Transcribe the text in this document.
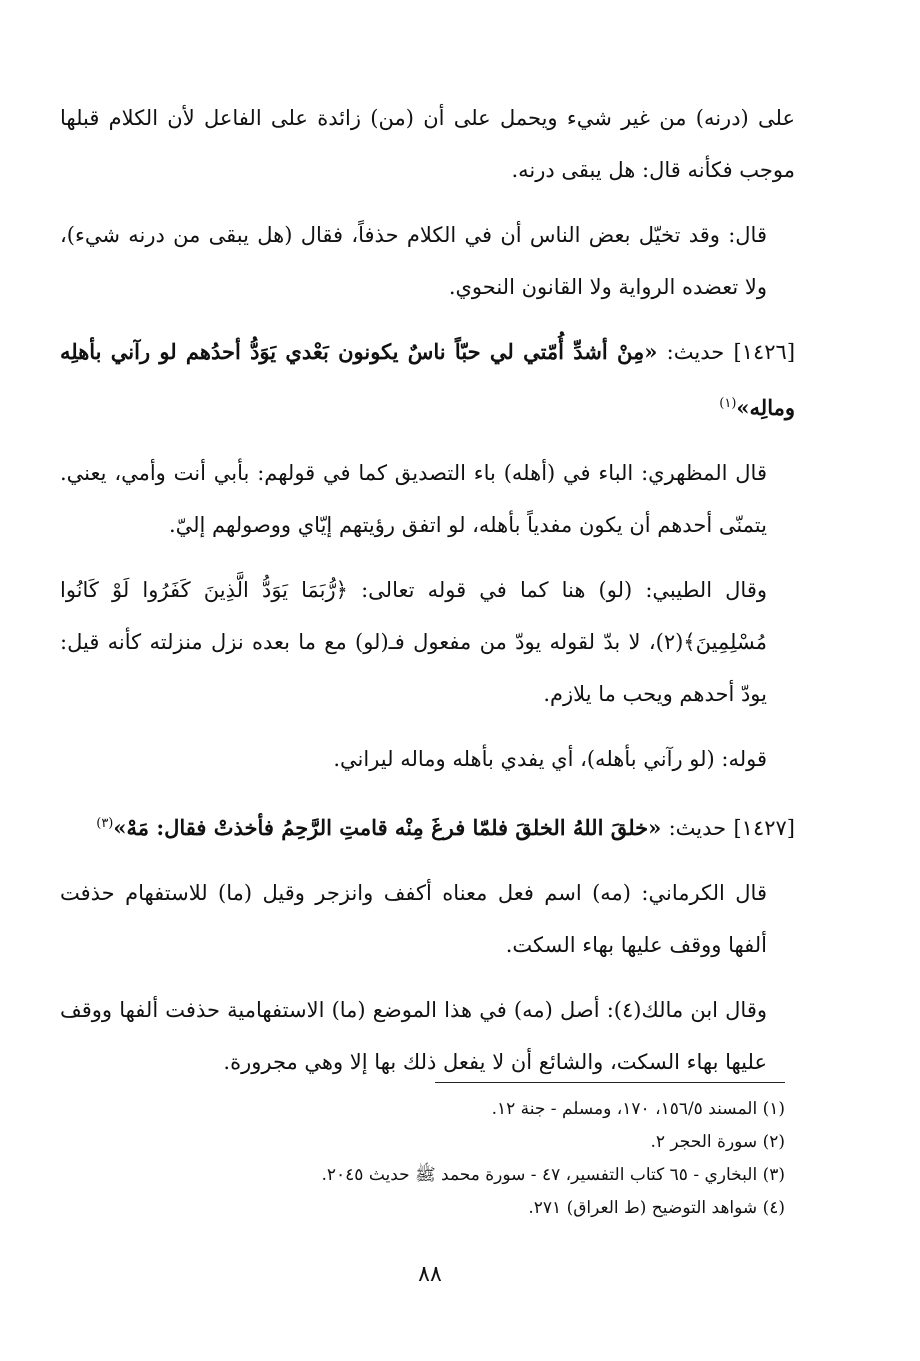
على (درنه) من غير شيء ويحمل على أن (من) زائدة على الفاعل لأن الكلام قبلها موجب فكأنه قال: هل يبقى درنه.

قال: وقد تخيّل بعض الناس أن في الكلام حذفاً، فقال (هل يبقى من درنه شيء)، ولا تعضده الرواية ولا القانون النحوي.

[١٤٢٦] حديث: «مِنْ أشدِّ أُمّتي لي حبّاً ناسٌ يكونون بَعْدي يَوَدُّ أحدُهم لو رآني بأهلِه ومالِه»$^{(١)}$

قال المظهري: الباء في (أهله) باء التصديق كما في قولهم: بأبي أنت وأمي، يعني. يتمنّى أحدهم أن يكون مفدياً بأهله، لو اتفق رؤيتهم إيّاي ووصولهم إليّ.

وقال الطيبي: (لو) هنا كما في قوله تعالى: ﴿رُّبَمَا يَوَدُّ الَّذِينَ كَفَرُوا لَوْ كَانُوا مُسْلِمِينَ﴾(٢)، لا بدّ لقوله يودّ من مفعول فـ(لو) مع ما بعده نزل منزلته كأنه قيل: يودّ أحدهم ويحب ما يلازم.

قوله: (لو رآني بأهله)، أي يفدي بأهله وماله ليراني.

[١٤٢٧] حديث: «خلقَ اللهُ الخلقَ فلمّا فرغَ مِنْه قامتِ الرَّحِمُ فأخذتْ فقال: مَهْ»$^{(٣)}$

قال الكرماني: (مه) اسم فعل معناه أكفف وانزجر وقيل (ما) للاستفهام حذفت ألفها ووقف عليها بهاء السكت.

وقال ابن مالك(٤): أصل (مه) في هذا الموضع (ما) الاستفهامية حذفت ألفها ووقف عليها بهاء السكت، والشائع أن لا يفعل ذلك بها إلا وهي مجرورة.

(١) المسند ١٥٦/٥، ١٧٠، ومسلم - جنة ١٢.

(٢) سورة الحجر ٢.

(٣) البخاري - ٦٥ كتاب التفسير، ٤٧ - سورة محمد ﷺ حديث ٢٠٤٥.

(٤) شواهد التوضيح (ط العراق) ٢٧١.

٨٨
